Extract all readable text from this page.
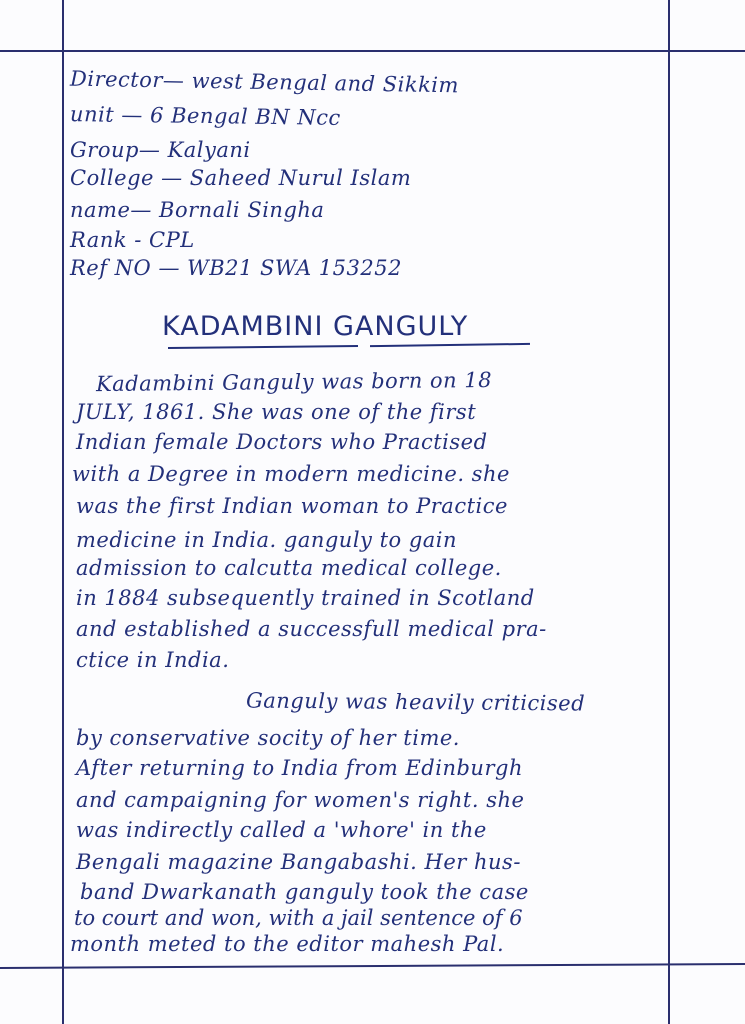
Director— west Bengal and Sikkim
unit — 6 Bengal BN Ncc
Group— Kalyani
College — Saheed Nurul Islam
name— Bornali Singha
Rank - CPL
Ref NO — WB21 SWA 153252
KADAMBINI GANGULY
Kadambini Ganguly was born on 18
JULY, 1861. She was one of the first
Indian female Doctors who Practised
with a Degree in modern medicine. she
was the first Indian woman to Practice
medicine in India. ganguly to gain
admission to calcutta medical college.
in 1884 subsequently trained in Scotland
and established a successfull medical pra-
ctice in India.
Ganguly was heavily criticised
by conservative socity of her time.
After returning to India from Edinburgh
and campaigning for women's right. she
was indirectly called a 'whore' in the
Bengali magazine Bangabashi. Her hus-
band Dwarkanath ganguly took the case
to court and won, with a jail sentence of 6
month meted to the editor mahesh Pal.
